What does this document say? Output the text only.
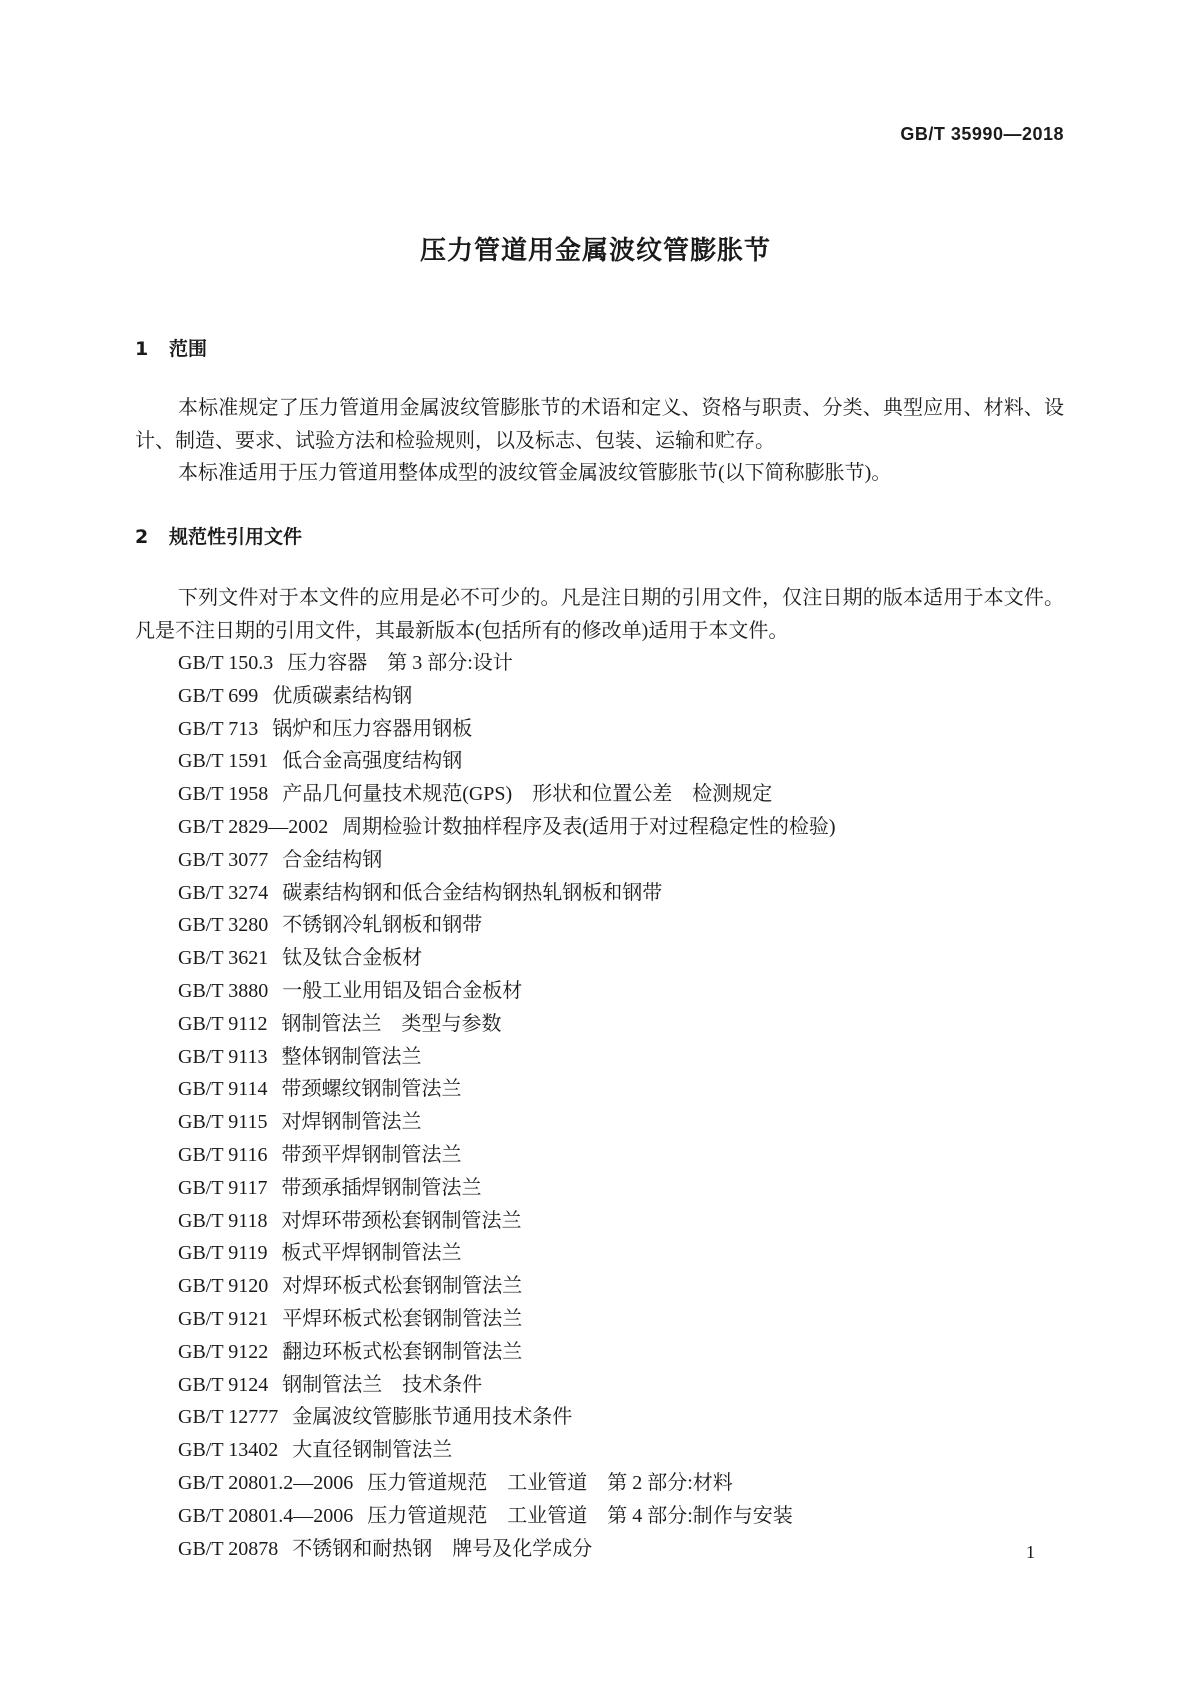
GB/T 35990—2018
压力管道用金属波纹管膨胀节
1 范围

本标准规定了压力管道用金属波纹管膨胀节的术语和定义、资格与职责、分类、典型应用、材料、设计、制造、要求、试验方法和检验规则，以及标志、包装、运输和贮存。

本标准适用于压力管道用整体成型的波纹管金属波纹管膨胀节(以下简称膨胀节)。

2 规范性引用文件

下列文件对于本文件的应用是必不可少的。凡是注日期的引用文件，仅注日期的版本适用于本文件。凡是不注日期的引用文件，其最新版本(包括所有的修改单)适用于本文件。

GB/T 150.3 压力容器　第 3 部分:设计
GB/T 699 优质碳素结构钢
GB/T 713 锅炉和压力容器用钢板
GB/T 1591 低合金高强度结构钢
GB/T 1958 产品几何量技术规范(GPS)　形状和位置公差　检测规定
GB/T 2829—2002 周期检验计数抽样程序及表(适用于对过程稳定性的检验)
GB/T 3077 合金结构钢
GB/T 3274 碳素结构钢和低合金结构钢热轧钢板和钢带
GB/T 3280 不锈钢冷轧钢板和钢带
GB/T 3621 钛及钛合金板材
GB/T 3880 一般工业用铝及铝合金板材
GB/T 9112 钢制管法兰　类型与参数
GB/T 9113 整体钢制管法兰
GB/T 9114 带颈螺纹钢制管法兰
GB/T 9115 对焊钢制管法兰
GB/T 9116 带颈平焊钢制管法兰
GB/T 9117 带颈承插焊钢制管法兰
GB/T 9118 对焊环带颈松套钢制管法兰
GB/T 9119 板式平焊钢制管法兰
GB/T 9120 对焊环板式松套钢制管法兰
GB/T 9121 平焊环板式松套钢制管法兰
GB/T 9122 翻边环板式松套钢制管法兰
GB/T 9124 钢制管法兰　技术条件
GB/T 12777 金属波纹管膨胀节通用技术条件
GB/T 13402 大直径钢制管法兰
GB/T 20801.2—2006 压力管道规范　工业管道　第 2 部分:材料
GB/T 20801.4—2006 压力管道规范　工业管道　第 4 部分:制作与安装
GB/T 20878 不锈钢和耐热钢　牌号及化学成分	1
